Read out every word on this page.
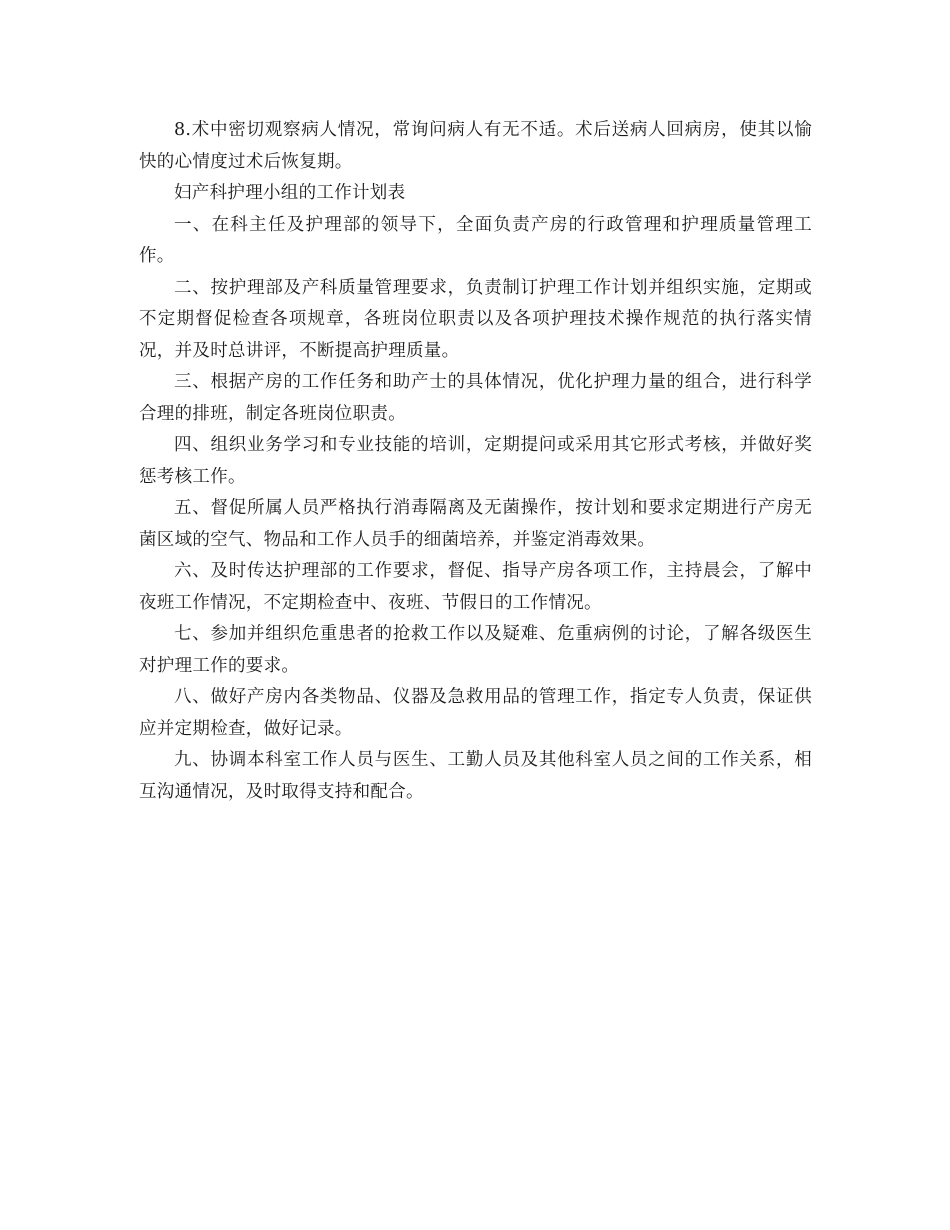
8.术中密切观察病人情况，常询问病人有无不适。术后送病人回病房，使其以愉快的心情度过术后恢复期。

妇产科护理小组的工作计划表

一、在科主任及护理部的领导下，全面负责产房的行政管理和护理质量管理工作。

二、按护理部及产科质量管理要求，负责制订护理工作计划并组织实施，定期或不定期督促检查各项规章，各班岗位职责以及各项护理技术操作规范的执行落实情况，并及时总讲评，不断提高护理质量。

三、根据产房的工作任务和助产士的具体情况，优化护理力量的组合，进行科学合理的排班，制定各班岗位职责。

四、组织业务学习和专业技能的培训，定期提问或采用其它形式考核，并做好奖惩考核工作。

五、督促所属人员严格执行消毒隔离及无菌操作，按计划和要求定期进行产房无菌区域的空气、物品和工作人员手的细菌培养，并鉴定消毒效果。

六、及时传达护理部的工作要求，督促、指导产房各项工作，主持晨会，了解中夜班工作情况，不定期检查中、夜班、节假日的工作情况。

七、参加并组织危重患者的抢救工作以及疑难、危重病例的讨论，了解各级医生对护理工作的要求。

八、做好产房内各类物品、仪器及急救用品的管理工作，指定专人负责，保证供应并定期检查，做好记录。

九、协调本科室工作人员与医生、工勤人员及其他科室人员之间的工作关系，相互沟通情况，及时取得支持和配合。
